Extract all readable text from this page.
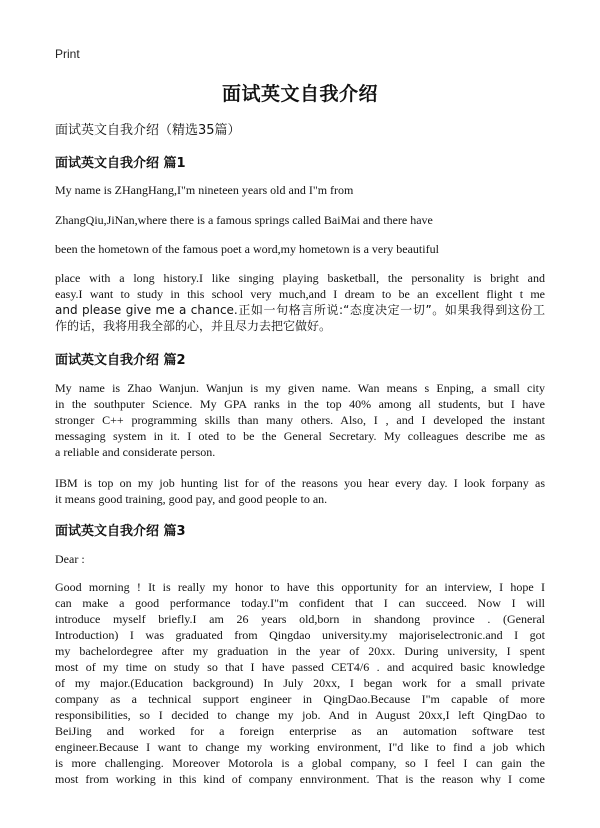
Print
面试英文自我介绍
面试英文自我介绍（精选35篇）
面试英文自我介绍 篇1
My name is ZHangHang,I"m nineteen years old and I"m from
ZhangQiu,JiNan,where there is a famous springs called BaiMai and there have
been the hometown of the famous poet a word,my hometown is a very beautiful
place with a long history.I like singing playing basketball, the personality is bright and
easy.I want to study in this school very much,and I dream to be an excellent flight t me
and please give me a chance.正如一句格言所说:“态度决定一切”。如果我得到这份工
作的话，我将用我全部的心，并且尽力去把它做好。
面试英文自我介绍 篇2
My name is Zhao Wanjun. Wanjun is my given name. Wan means s Enping, a small city
in the southputer Science. My GPA ranks in the top 40% among all students, but I have
stronger C++ programming skills than many others. Also, I , and I developed the instant
messaging system in it. I oted to be the General Secretary. My colleagues describe me as
a reliable and considerate person.
IBM is top on my job hunting list for of the reasons you hear every day. I look forpany as
it means good training, good pay, and good people to an.
面试英文自我介绍 篇3
Dear :
Good morning ! It is really my honor to have this opportunity for an interview, I hope I
can make a good performance today.I"m confident that I can succeed. Now I will
introduce myself briefly.I am 26 years old,born in shandong province . (General
Introduction) I was graduated from Qingdao university.my majoriselectronic.and I got
my bachelordegree after my graduation in the year of 20xx. During university, I spent
most of my time on study so that I have passed CET4/6 . and acquired basic knowledge
of my major.(Education background) In July 20xx, I began work for a small private
company as a technical support engineer in QingDao.Because I"m capable of more
responsibilities, so I decided to change my job. And in August 20xx,I left QingDao to
BeiJing and worked for a foreign enterprise as an automation software test
engineer.Because I want to change my working environment, I"d like to find a job which
is more challenging. Moreover Motorola is a global company, so I feel I can gain the
most from working in this kind of company ennvironment. That is the reason why I come
